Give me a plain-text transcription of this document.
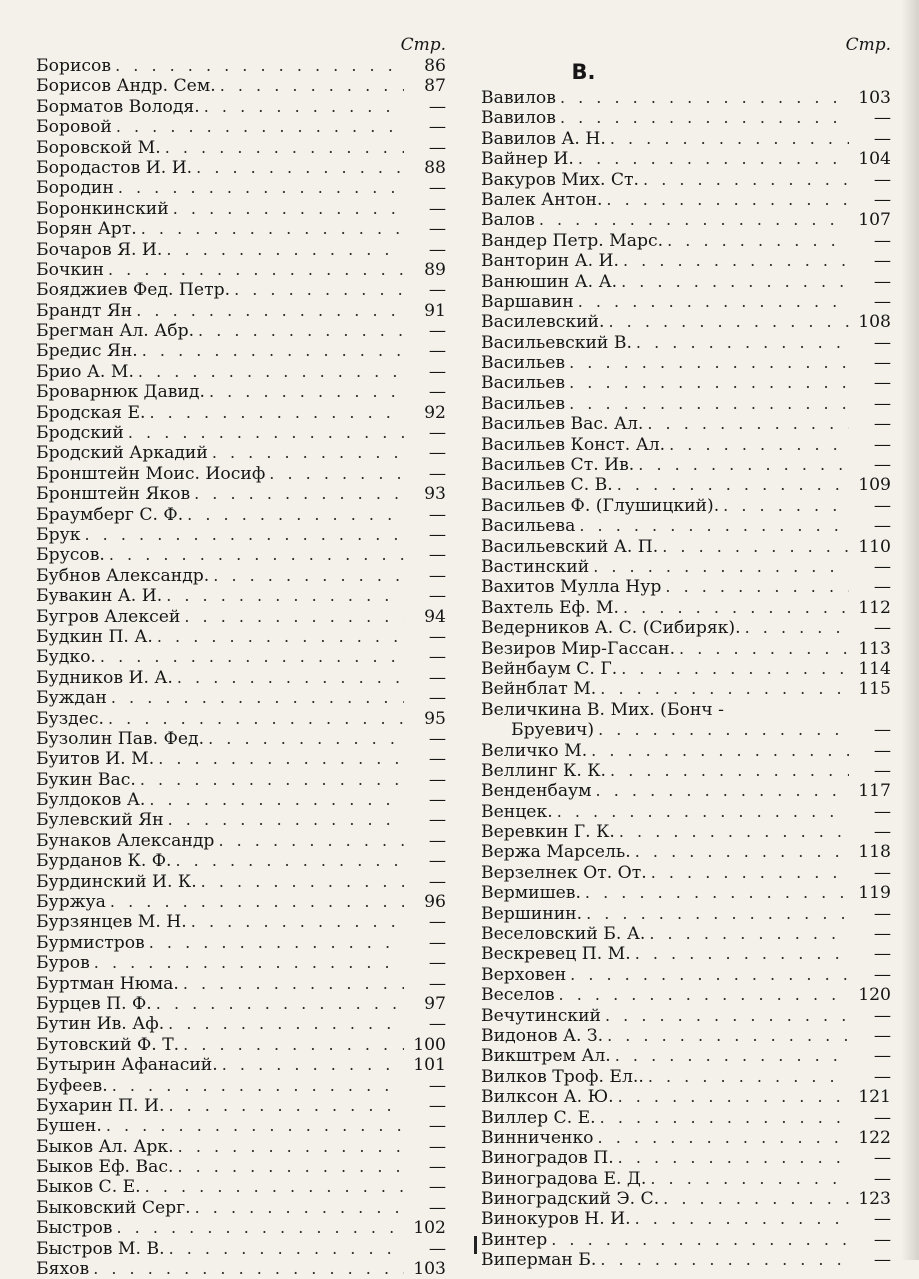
Стр.
Борисов . . .	86
Борисов Андр. Сем. . . .	87
Борматов Володя. . . .	—
Боровой . . .	—
Боровской М. . . .	—
Бородастов И. И. . . .	88
Бородин . . .	—
Боронкинский . . .	—
Борян Арт. . . .	—
Бочаров Я. И. . . .	—
Бочкин . . .	89
Бояджиев Фед. Петр. . . .	—
Брандт Ян . . .	91
Брегман Ал. Абр. . . .	—
Бредис Ян. . . .	—
Брио А. М. . . .	—
Броварнюк Давид. . . .	—
Бродская Е. . . .	92
Бродский . . .	—
Бродский Аркадий . . .	—
Бронштейн Моис. Иосиф . . .	—
Бронштейн Яков . . .	93
Браумберг С. Ф. . . .	—
Брук . . .	—
Брусов. . . .	—
Бубнов Александр. . . .	—
Бувакин А. И. . . .	—
Бугров Алексей . . .	94
Будкин П. А. . . .	—
Будко. . . .	—
Будников И. А. . . .	—
Буждан . . .	—
Буздес. . . .	95
Бузолин Пав. Фед. . . .	—
Буитов И. М. . . .	—
Букин Вас. . . .	—
Булдоков А. . . .	—
Булевский Ян . . .	—
Бунаков Александр . . .	—
Бурданов К. Ф. . . .	—
Бурдинский И. К. . . .	—
Буржуа . . .	96
Бурзянцев М. Н. . . .	—
Бурмистров . . .	—
Буров . . .	—
Буртман Нюма. . . .	—
Бурцев П. Ф. . . .	97
Бутин Ив. Аф. . . .	—
Бутовский Ф. Т. . . .	100
Бутырин Афанасий. . . .	101
Буфеев. . . .	—
Бухарин П. И. . . .	—
Бушен. . . .	—
Быков Ал. Арк. . . .	—
Быков Еф. Вас. . . .	—
Быков С. Е. . . .	—
Быковский Серг. . . .	—
Быстров . . .	102
Быстров М. В. . . .	—
Бяхов . . .	103
Стр.
В.
Вавилов . . .	103
Вавилов . . .	—
Вавилов А. Н. . . .	—
Вайнер И. . . .	104
Вакуров Мих. Ст. . . .	—
Валек Антон. . . .	—
Валов . . .	107
Вандер Петр. Марс. . . .	—
Ванторин А. И. . . .	—
Ванюшин А. А. . . .	—
Варшавин . . .	—
Василевский. . . .	108
Васильевский В. . . .	—
Васильев . . .	—
Васильев . . .	—
Васильев . . .	—
Васильев Вас. Ал. . . .	—
Васильев Конст. Ал. . . .	—
Васильев Ст. Ив. . . .	—
Васильев С. В. . . .	109
Васильев Ф. (Глушицкий). . . .	—
Васильева . . .	—
Васильевский А. П. . . .	110
Вастинский . . .	—
Вахитов Мулла Нур . . .	—
Вахтель Еф. М. . . .	112
Ведерников А. С. (Сибиряк). . . .	—
Везиров Мир-Гассан. . . .	113
Вейнбаум С. Г. . . .	114
Вейнблат М. . . .	115
Величкина В. Мих. (Бонч -
Бруевич) . . .	—
Величко М. . . .	—
Веллинг К. К. . . .	—
Венденбаум . . .	117
Венцек. . . .	—
Веревкин Г. К. . . .	—
Вержа Марсель. . . .	118
Верзелнек От. От. . . .	—
Вермишев. . . .	119
Вершинин. . . .	—
Веселовский Б. А. . . .	—
Вескревец П. М. . . .	—
Верховен . . .	—
Веселов . . .	120
Вечутинский . . .	—
Видонов А. З. . . .	—
Викштрем Ал. . . .	—
Вилков Троф. Ел.. . . .	—
Вилксон А. Ю. . . .	121
Виллер С. Е. . . .	—
Винниченко . . .	122
Виноградов П. . . .	—
Виноградова Е. Д. . . .	—
Виноградский Э. С. . . .	123
Винокуров Н. И. . . .	—
Винтер . . .	—
Виперман Б. . . .	—
